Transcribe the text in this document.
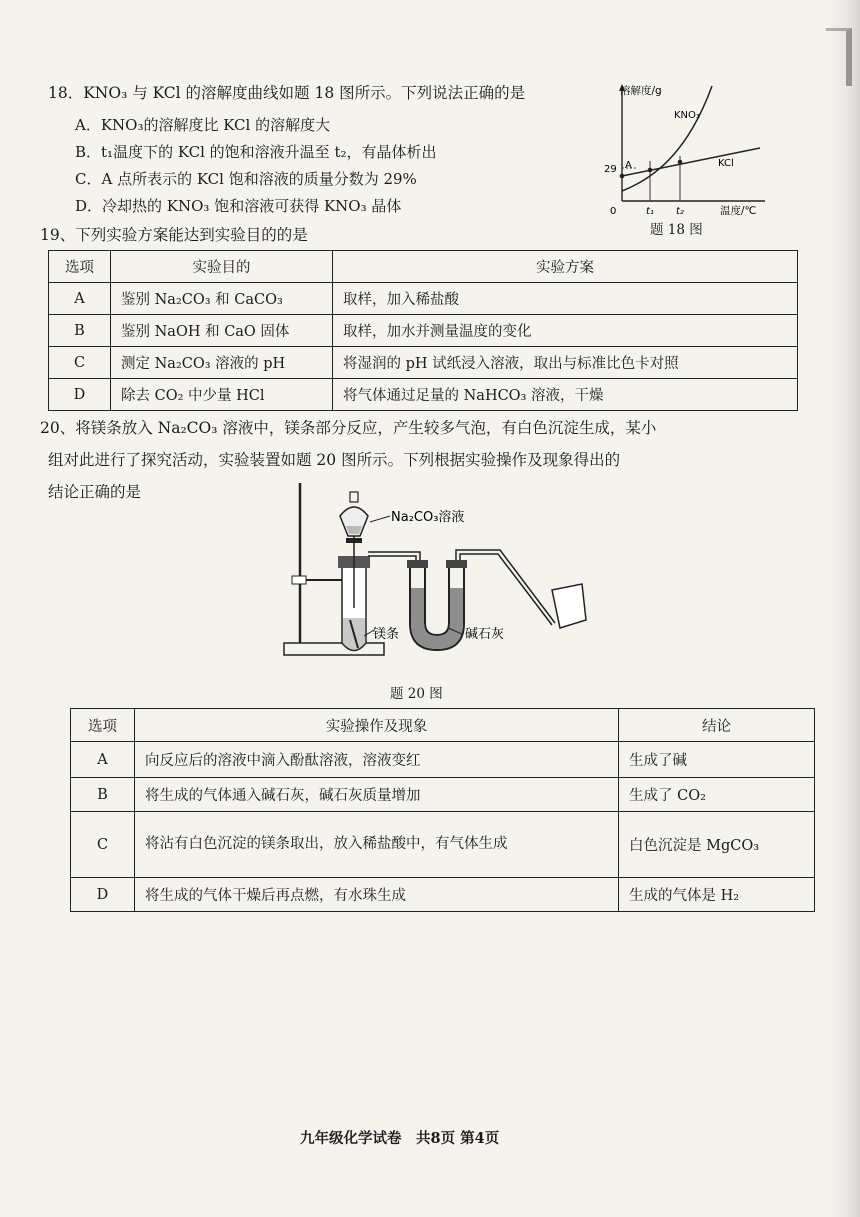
18．KNO₃ 与 KCl 的溶解度曲线如题 18 图所示。下列说法正确的是
A．KNO₃的溶解度比 KCl 的溶解度大
B．t₁温度下的 KCl 的饱和溶液升温至 t₂，有晶体析出
C．A 点所表示的 KCl 饱和溶液的质量分数为 29%
D．冷却热的 KNO₃ 饱和溶液可获得 KNO₃ 晶体
溶解度/g
温度/℃
0
29 A
t₁ t₂
KNO₃
KCl
题 18 图
19、下列实验方案能达到实验目的的是
选项	实验目的	实验方案
A	鉴别 Na₂CO₃ 和 CaCO₃	取样，加入稀盐酸
B	鉴别 NaOH 和 CaO 固体	取样，加水并测量温度的变化
C	测定 Na₂CO₃ 溶液的 pH	将湿润的 pH 试纸浸入溶液，取出与标准比色卡对照
D	除去 CO₂ 中少量 HCl	将气体通过足量的 NaHCO₃ 溶液，干燥
20、将镁条放入 Na₂CO₃ 溶液中，镁条部分反应，产生较多气泡，有白色沉淀生成，某小
组对此进行了探究活动，实验装置如题 20 图所示。下列根据实验操作及现象得出的
结论正确的是
Na₂CO₃溶液
镁条	碱石灰
题 20 图
选项	实验操作及现象	结论
A	向反应后的溶液中滴入酚酞溶液，溶液变红	生成了碱
B	将生成的气体通入碱石灰，碱石灰质量增加	生成了 CO₂
C	将沾有白色沉淀的镁条取出，放入稀盐酸中，有气体生成	白色沉淀是 MgCO₃
D	将生成的气体干燥后再点燃，有水珠生成	生成的气体是 H₂
九年级化学试卷　共8页 第4页
